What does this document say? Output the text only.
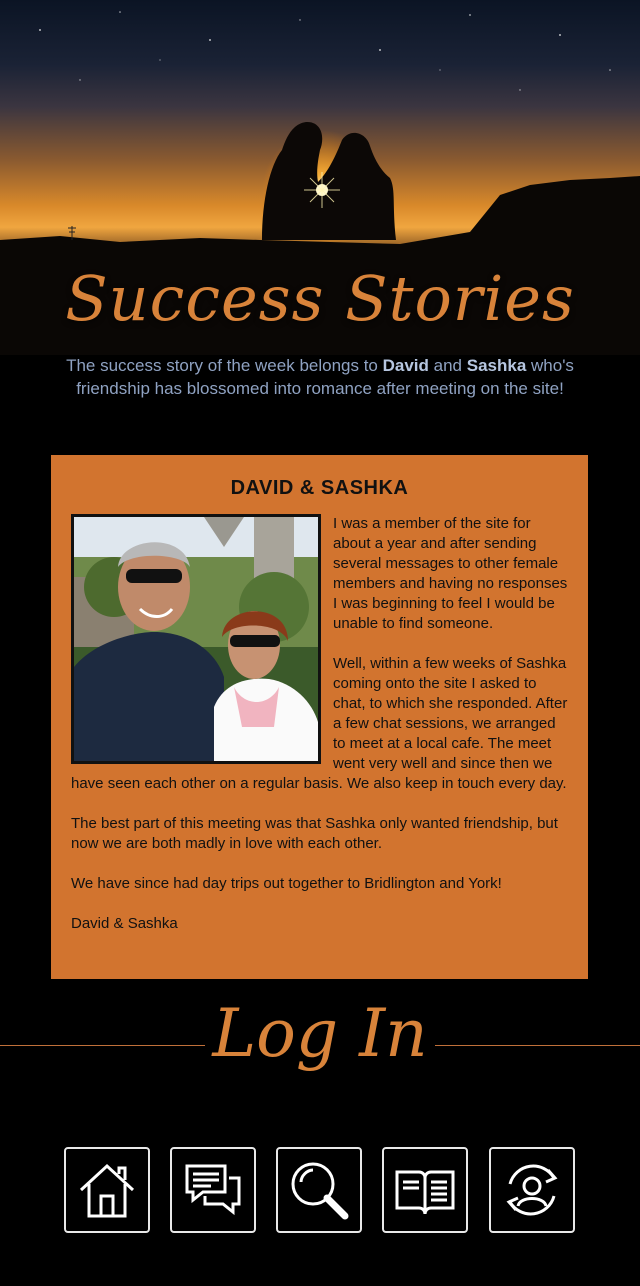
Success Stories
The success story of the week belongs to David and Sashka who's friendship has blossomed into romance after meeting on the site!
DAVID & SASHKA

I was a member of the site for about a year and after sending several messages to other female members and having no responses I was beginning to feel I would be unable to find someone.

Well, within a few weeks of Sashka coming onto the site I asked to chat, to which she responded. After a few chat sessions, we arranged to meet at a local cafe. The meet went very well and since then we have seen each other on a regular basis. We also keep in touch every day.

The best part of this meeting was that Sashka only wanted friendship, but now we are both madly in love with each other.

We have since had day trips out together to Bridlington and York!

David & Sashka

Log In
